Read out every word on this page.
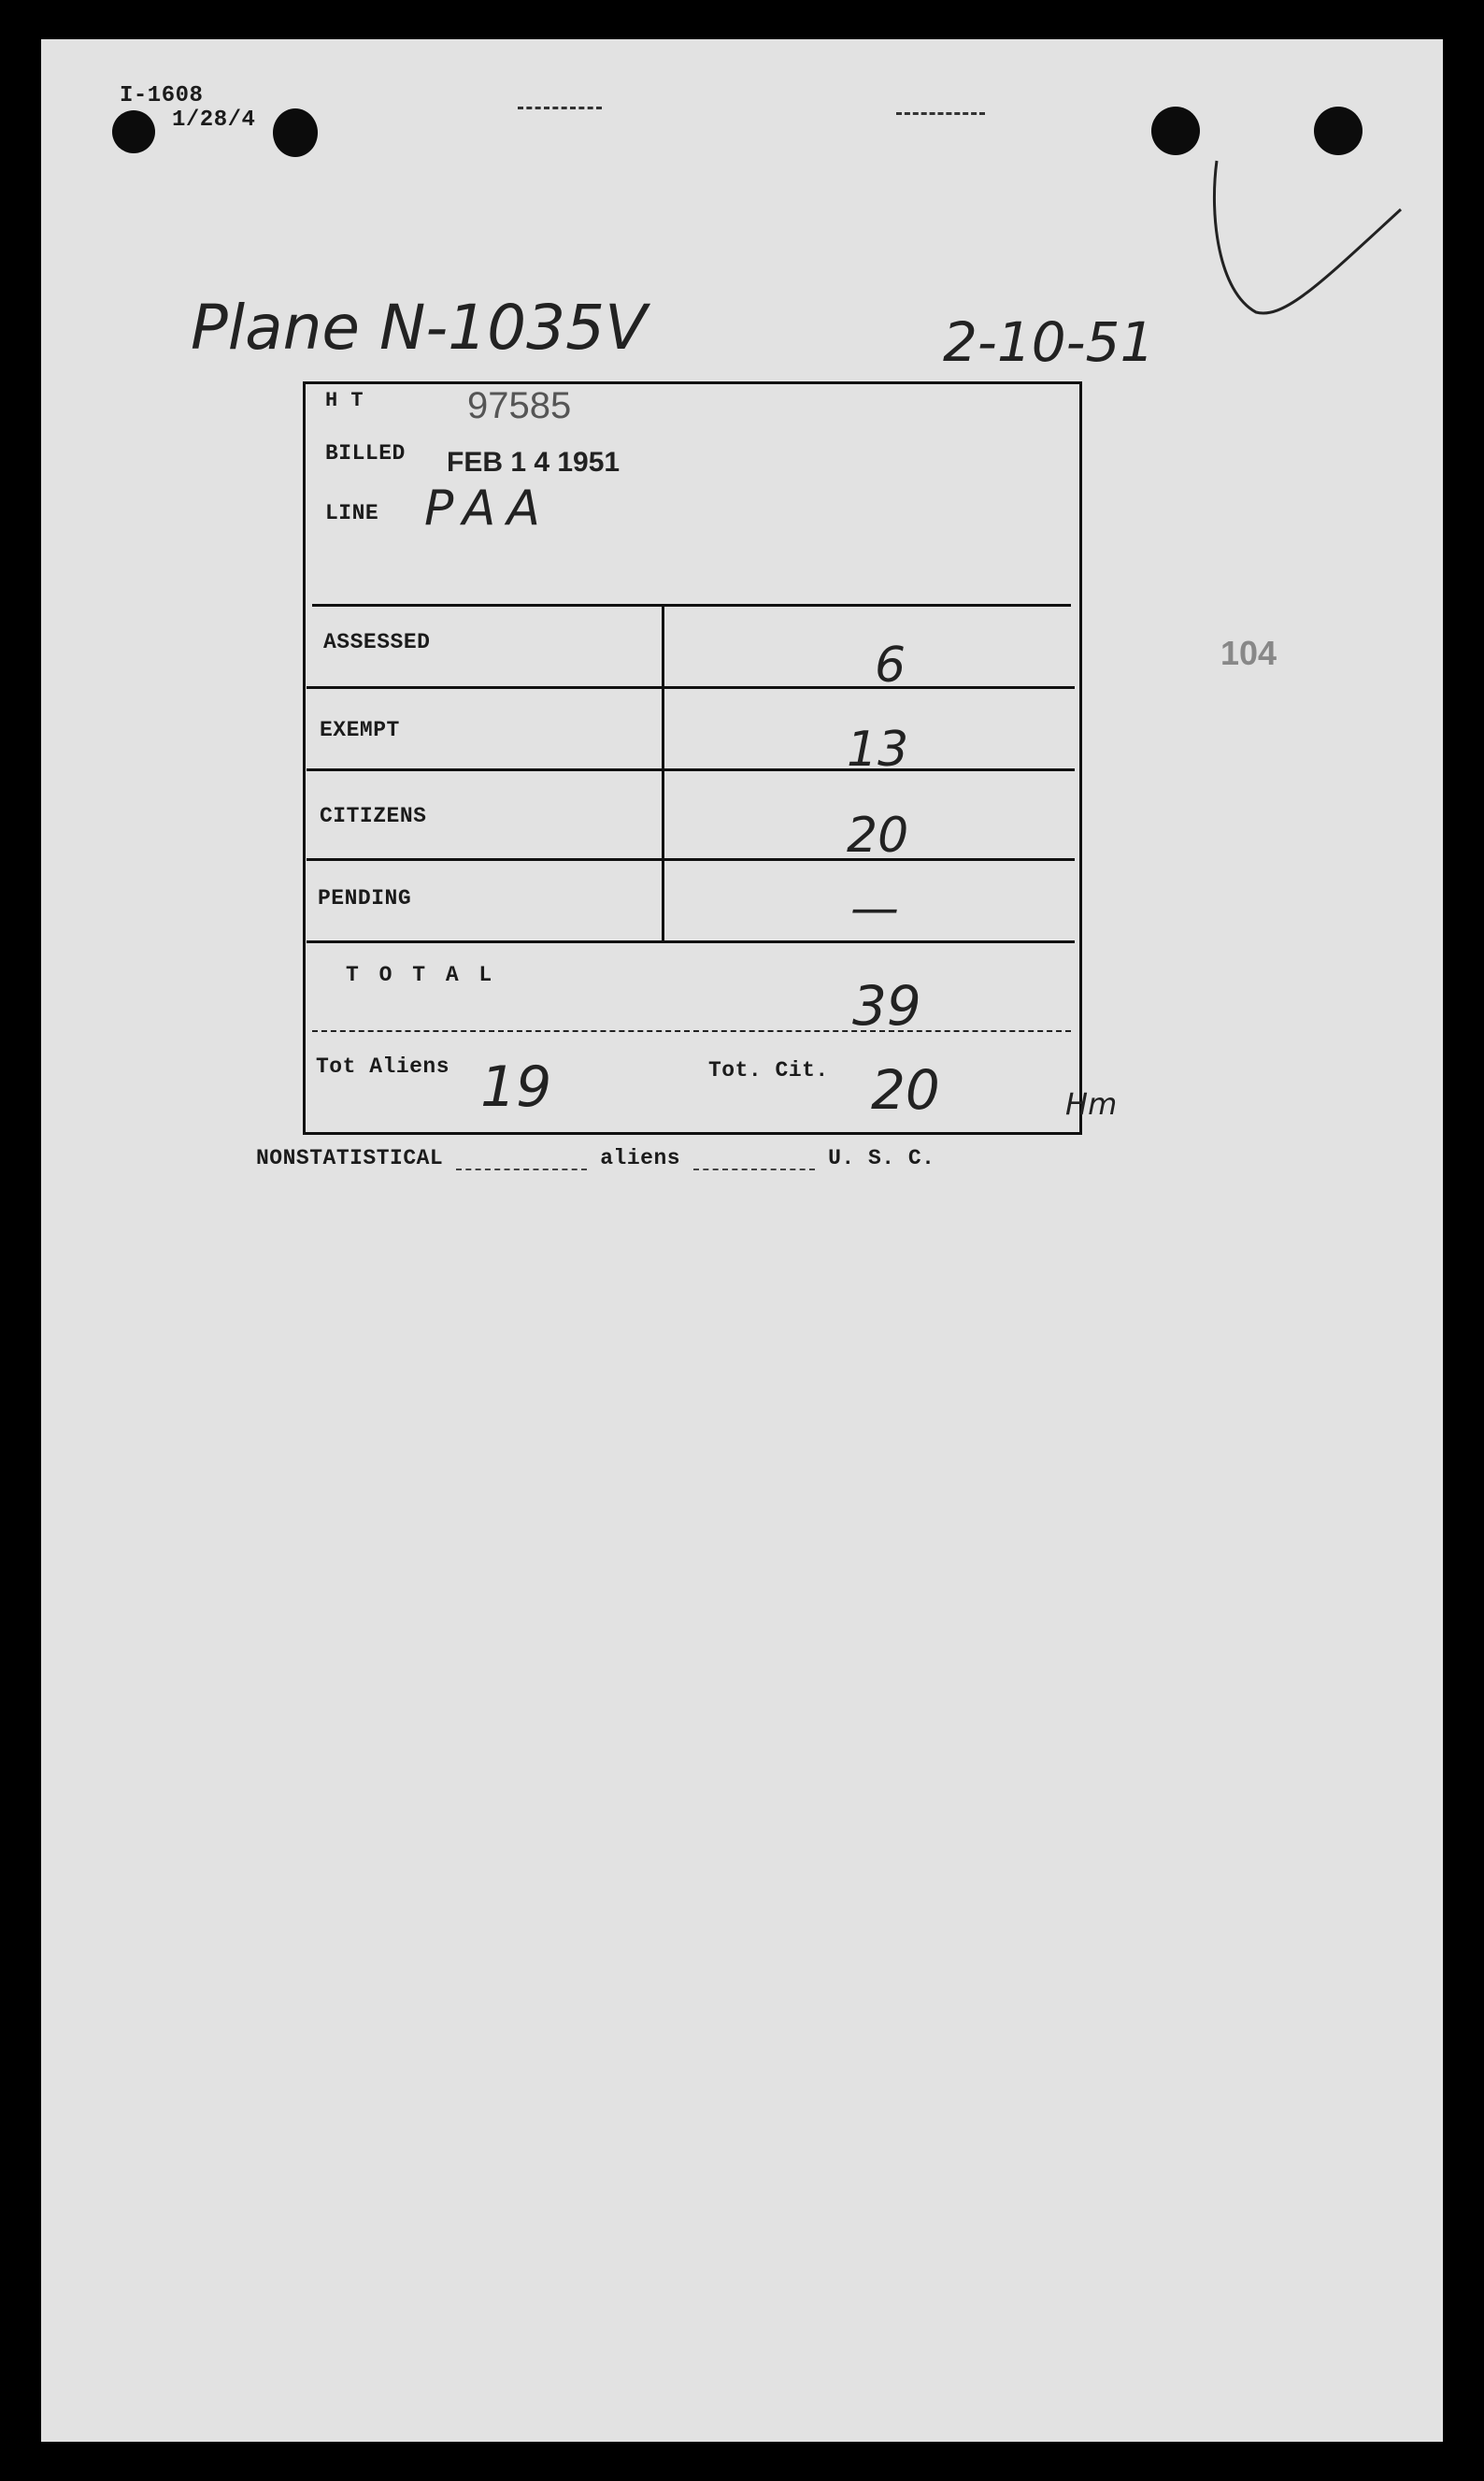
I-1608
1/28/4
Plane N-1035V	2-10-51
104
H T	97585
BILLED FEB 1 4 1951
LINE PAA
ASSESSED	6
EXEMPT	13
CITIZENS	20
PENDING	—
T O T A L	39
Tot Aliens 19	Tot. Cit. 20	Hm
NONSTATISTICAL	aliens	U. S. C.
